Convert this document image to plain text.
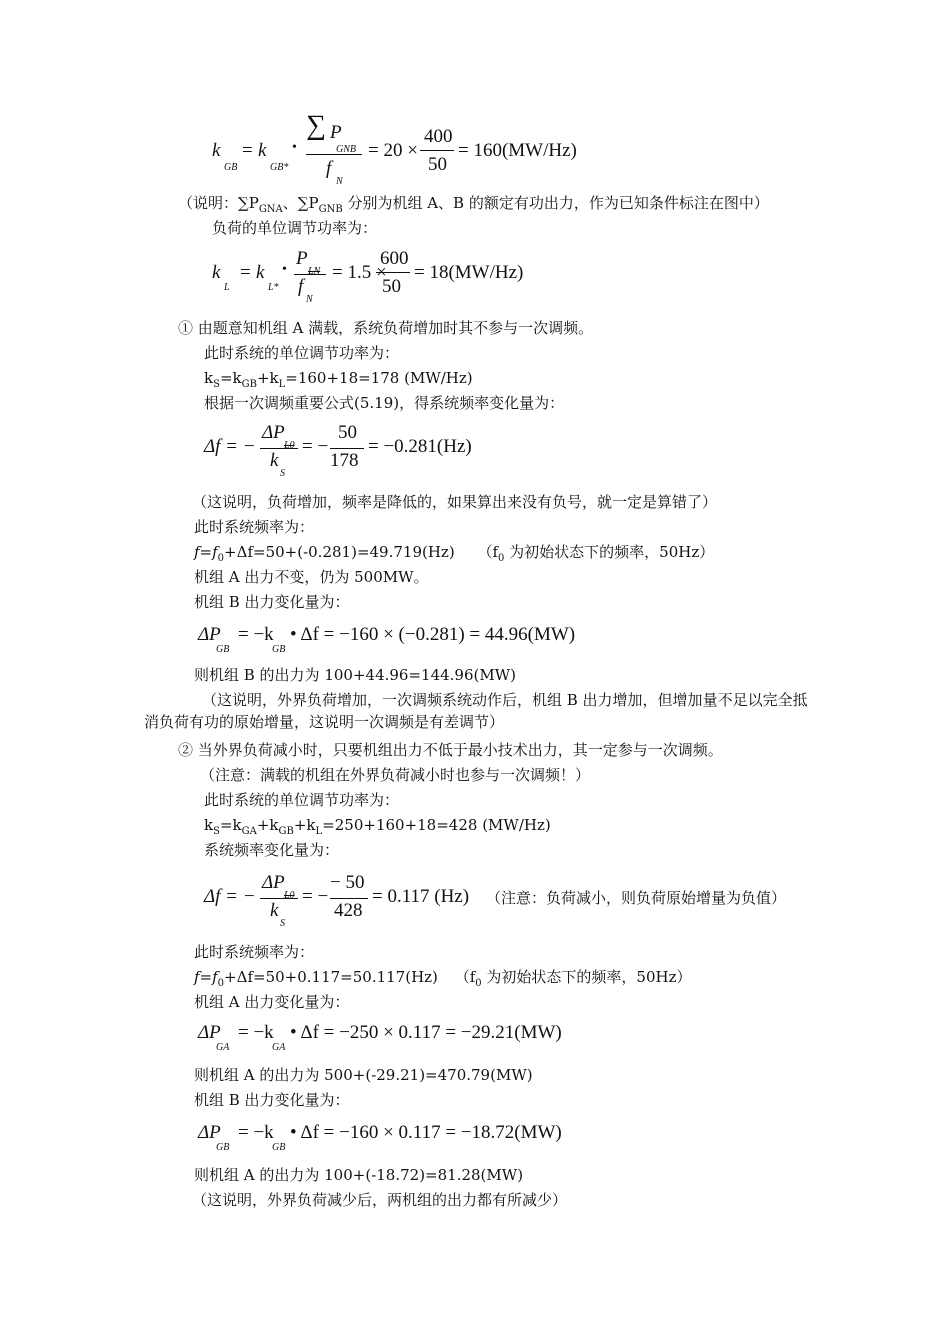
k
GB
= k
GB*
•
∑ P
GNB
f
N
= 20 ×
400
50
= 160(MW/Hz)
（说明：$\sum P_{GNA}$、$\sum P_{GNB}$ 分别为机组 A、B 的额定有功出力，作为已知条件标注在图中）
负荷的单位调节功率为：
k
L
= k
L*
•
P
LN
f
N
= 1.5 ×
600
50
= 18(MW/Hz)
① 由题意知机组 A 满载，系统负荷增加时其不参与一次调频。
此时系统的单位调节功率为：
$k_S=k_{GB}+k_L=160+18=178$ (MW/Hz)
根据一次调频重要公式(5.19)，得系统频率变化量为：
Δf = −
ΔP
L0
k
S
= −
50
178
= −0.281(Hz)
（这说明，负荷增加，频率是降低的，如果算出来没有负号，就一定是算错了）
此时系统频率为：
$f=f_0+\Delta f=50+(-0.281)=49.719(Hz)$ （$f_0$ 为初始状态下的频率，50Hz）
机组 A 出力不变，仍为 500MW。
机组 B 出力变化量为：
ΔP
GB
= −k
GB
• Δf = −160 × (−0.281) = 44.96(MW)
则机组 B 的出力为 100+44.96=144.96(MW)
（这说明，外界负荷增加，一次调频系统动作后，机组 B 出力增加，但增加量不足以完全抵消负荷有功的原始增量，这说明一次调频是有差调节）
② 当外界负荷减小时，只要机组出力不低于最小技术出力，其一定参与一次调频。
（注意：满载的机组在外界负荷减小时也参与一次调频！）
此时系统的单位调节功率为：
$k_S=k_{GA}+k_{GB}+k_L=250+160+18=428$ (MW/Hz)
系统频率变化量为：
Δf = −
ΔP
L0
k
S
= −
− 50
428
= 0.117 (Hz) （注意：负荷减小，则负荷原始增量为负值）
此时系统频率为：
$f=f_0+\Delta f=50+0.117=50.117(Hz)$ （$f_0$ 为初始状态下的频率，50Hz）
机组 A 出力变化量为：
ΔP
GA
= −k
GA
• Δf = −250 × 0.117 = −29.21(MW)
则机组 A 的出力为 500+(-29.21)=470.79(MW)
机组 B 出力变化量为：
ΔP
GB
= −k
GB
• Δf = −160 × 0.117 = −18.72(MW)
则机组 A 的出力为 100+(-18.72)=81.28(MW)
（这说明，外界负荷减少后，两机组的出力都有所减少）
